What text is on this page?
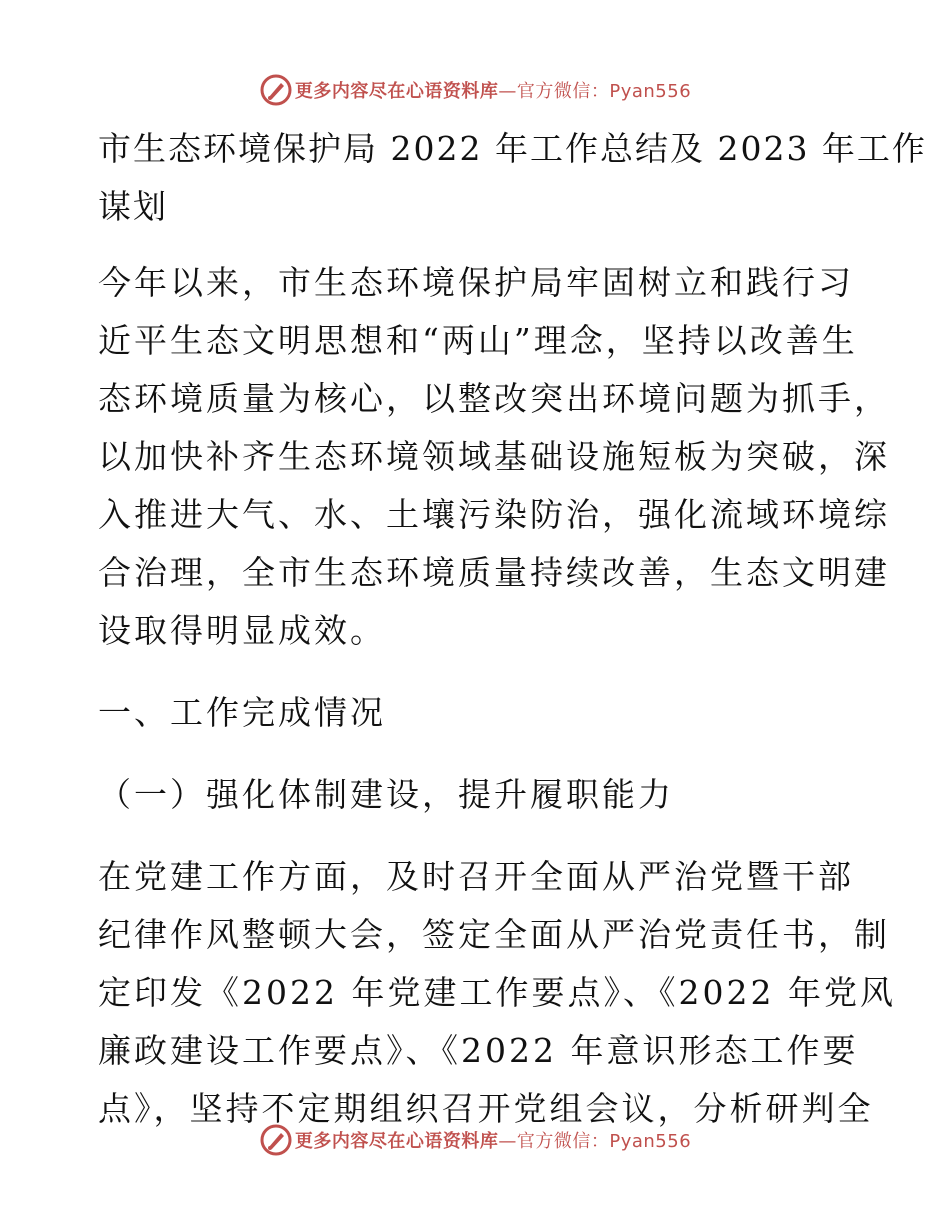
更多内容尽在心语资料库—官方微信：Pyan556
市生态环境保护局 2022 年工作总结及 2023 年工作
谋划
今年以来，市生态环境保护局牢固树立和践行习
近平生态文明思想和“两山”理念，坚持以改善生
态环境质量为核心，以整改突出环境问题为抓手，
以加快补齐生态环境领域基础设施短板为突破，深
入推进大气、水、土壤污染防治，强化流域环境综
合治理，全市生态环境质量持续改善，生态文明建
设取得明显成效。
一、工作完成情况
（一）强化体制建设，提升履职能力
在党建工作方面，及时召开全面从严治党暨干部
纪律作风整顿大会，签定全面从严治党责任书，制
定印发《2022 年党建工作要点》、《2022 年党风
廉政建设工作要点》、《2022 年意识形态工作要
点》，坚持不定期组织召开党组会议，分析研判全
更多内容尽在心语资料库—官方微信：Pyan556
